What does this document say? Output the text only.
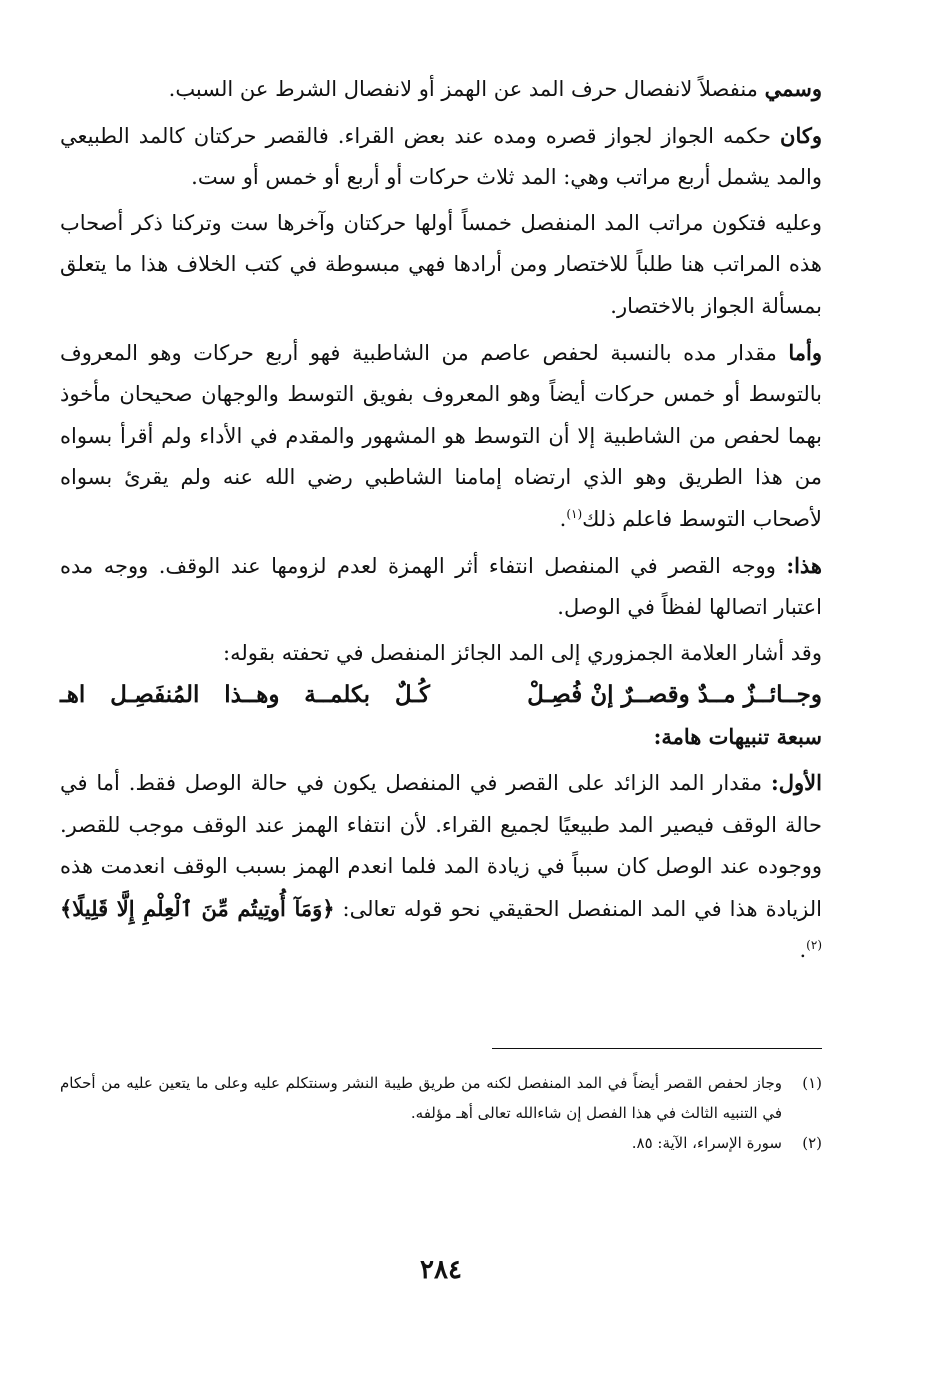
وسمي منفصلاً لانفصال حرف المد عن الهمز أو لانفصال الشرط عن السبب.

وكان حكمه الجواز لجواز قصره ومده عند بعض القراء. فالقصر حركتان كالمد الطبيعي والمد يشمل أربع مراتب وهي: المد ثلاث حركات أو أربع أو خمس أو ست.

وعليه فتكون مراتب المد المنفصل خمساً أولها حركتان وآخرها ست وتركنا ذكر أصحاب هذه المراتب هنا طلباً للاختصار ومن أرادها فهي مبسوطة في كتب الخلاف هذا ما يتعلق بمسألة الجواز بالاختصار.

وأما مقدار مده بالنسبة لحفص عاصم من الشاطبية فهو أربع حركات وهو المعروف بالتوسط أو خمس حركات أيضاً وهو المعروف بفويق التوسط والوجهان صحيحان مأخوذ بهما لحفص من الشاطبية إلا أن التوسط هو المشهور والمقدم في الأداء ولم أقرأ بسواه من هذا الطريق وهو الذي ارتضاه إمامنا الشاطبي رضي الله عنه ولم يقرئ بسواه لأصحاب التوسط فاعلم ذلك$^{(١)}$.

هذا: ووجه القصر في المنفصل انتفاء أثر الهمزة لعدم لزومها عند الوقف. ووجه مده اعتبار اتصالها لفظاً في الوصل.

وقد أشار العلامة الجمزوري إلى المد الجائز المنفصل في تحفته بقوله:

وجــائــزٌ مــدٌ وقصــرٌ إنْ فُصِـلْ
كُـلٌ بكلمــة وهــذا المُنفَصِـل اهـ

سبعة تنبيهات هامة:

الأول: مقدار المد الزائد على القصر في المنفصل يكون في حالة الوصل فقط. أما في حالة الوقف فيصير المد طبيعيًا لجميع القراء. لأن انتفاء الهمز عند الوقف موجب للقصر. ووجوده عند الوصل كان سبباً في زيادة المد فلما انعدم الهمز بسبب الوقف انعدمت هذه الزيادة هذا في المد المنفصل الحقيقي نحو قوله تعالى: ﴿وَمَآ أُوتِيتُم مِّنَ ٱلْعِلْمِ إِلَّا قَلِيلًا﴾$^{(٢)}$.

(١)
وجاز لحفص القصر أيضاً في المد المنفصل لكنه من طريق طيبة النشر وسنتكلم عليه وعلى ما يتعين عليه من أحكام في التنبيه الثالث في هذا الفصل إن شاءالله تعالى أهـ مؤلفه.

(٢)
سورة الإسراء، الآية: ٨٥.

٢٨٤
